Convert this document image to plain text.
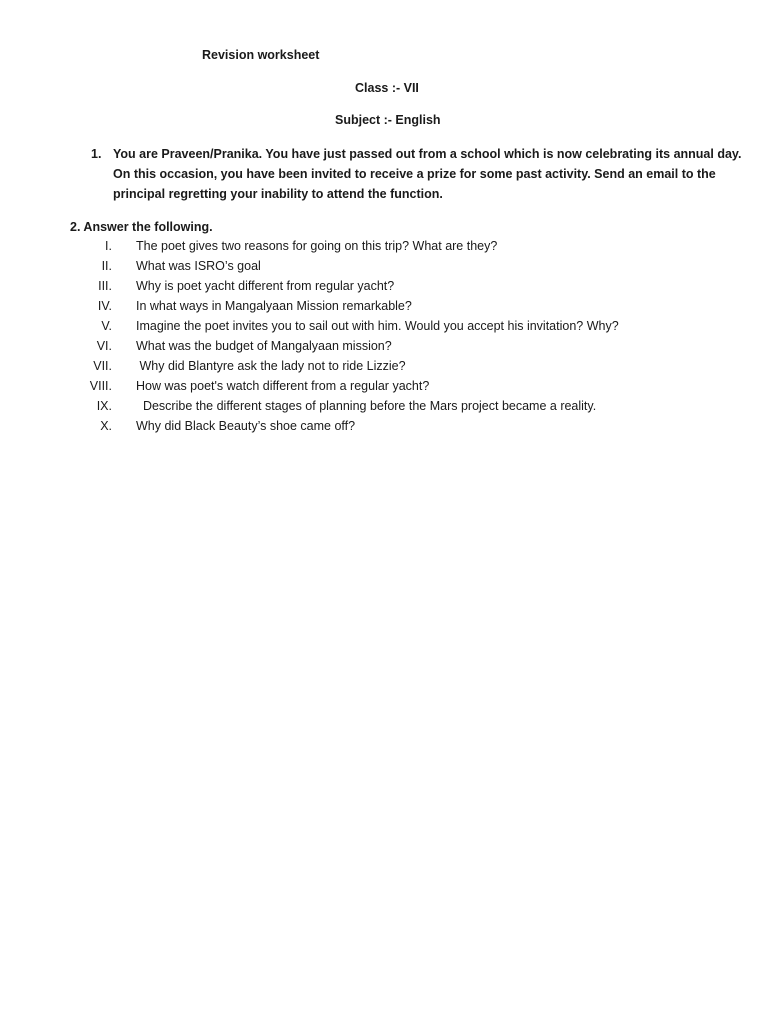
Revision worksheet
Class :- VII
Subject :- English
1. You are Praveen/Pranika. You have just passed out from a school which is now celebrating its annual day.
On this occasion, you have been invited to receive a prize for some past activity. Send an email to the
principal regretting your inability to attend the function.
2. Answer the following.
I. The poet gives two reasons for going on this trip? What are they?
II. What was ISRO’s goal
III. Why is poet yacht different from regular yacht?
IV. In what ways in Mangalyaan Mission remarkable?
V. Imagine the poet invites you to sail out with him. Would you accept his invitation? Why?
VI. What was the budget of Mangalyaan mission?
VII. Why did Blantyre ask the lady not to ride Lizzie?
VIII. How was poet's watch different from a regular yacht?
IX. Describe the different stages of planning before the Mars project became a reality.
X. Why did Black Beauty’s shoe came off?
